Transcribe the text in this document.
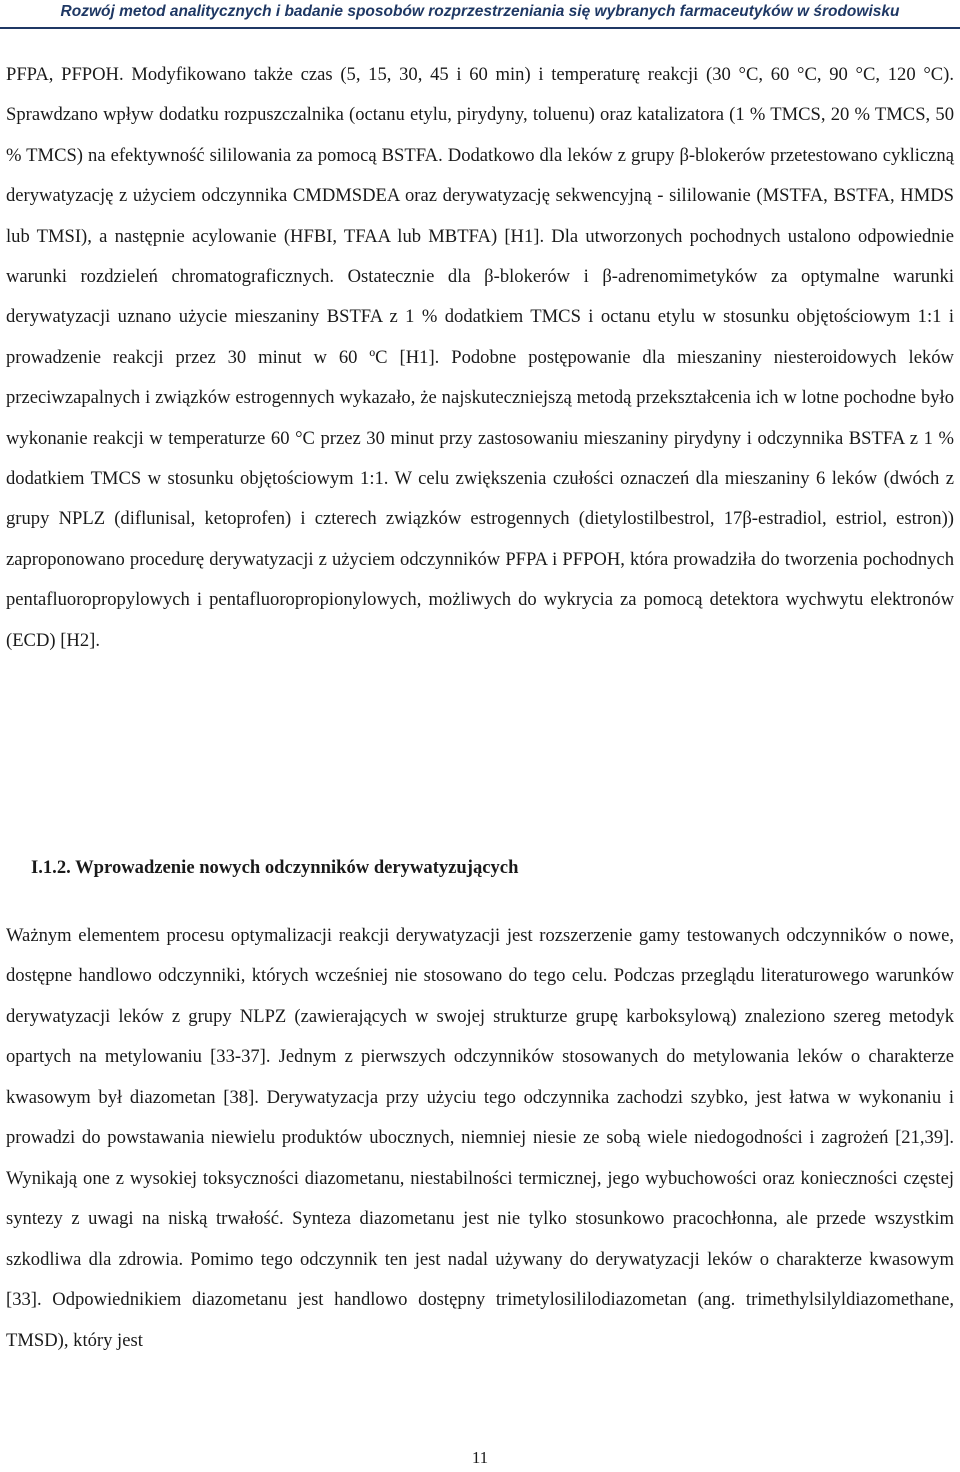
Rozwój metod analitycznych i badanie sposobów rozprzestrzeniania się wybranych farmaceutyków w środowisku

PFPA, PFPOH. Modyfikowano także czas (5, 15, 30, 45 i 60 min) i temperaturę reakcji (30 °C, 60 °C, 90 °C, 120 °C). Sprawdzano wpływ dodatku rozpuszczalnika (octanu etylu, pirydyny, toluenu) oraz katalizatora (1 % TMCS, 20 % TMCS, 50 % TMCS) na efektywność sililowania za pomocą BSTFA. Dodatkowo dla leków z grupy β-blokerów przetestowano cykliczną derywatyzację z użyciem odczynnika CMDMSDEA oraz derywatyzację sekwencyjną - sililowanie (MSTFA, BSTFA, HMDS lub TMSI), a następnie acylowanie (HFBI, TFAA lub MBTFA) [H1]. Dla utworzonych pochodnych ustalono odpowiednie warunki rozdzieleń chromatograficznych. Ostatecznie dla β-blokerów i β-adrenomimetyków za optymalne warunki derywatyzacji uznano użycie mieszaniny BSTFA z 1 % dodatkiem TMCS i octanu etylu w stosunku objętościowym 1:1 i prowadzenie reakcji przez 30 minut w 60 ºC [H1]. Podobne postępowanie dla mieszaniny niesteroidowych leków przeciwzapalnych i związków estrogennych wykazało, że najskuteczniejszą metodą przekształcenia ich w lotne pochodne było wykonanie reakcji w temperaturze 60 °C przez 30 minut przy zastosowaniu mieszaniny pirydyny i odczynnika BSTFA z 1 % dodatkiem TMCS w stosunku objętościowym 1:1. W celu zwiększenia czułości oznaczeń dla mieszaniny 6 leków (dwóch z grupy NPLZ (diflunisal, ketoprofen) i czterech związków estrogennych (dietylostilbestrol, 17β-estradiol, estriol, estron)) zaproponowano procedurę derywatyzacji z użyciem odczynników PFPA i PFPOH, która prowadziła do tworzenia pochodnych pentafluoropropylowych i pentafluoropropionylowych, możliwych do wykrycia za pomocą detektora wychwytu elektronów (ECD) [H2].

I.1.2. Wprowadzenie nowych odczynników derywatyzujących

Ważnym elementem procesu optymalizacji reakcji derywatyzacji jest rozszerzenie gamy testowanych odczynników o nowe, dostępne handlowo odczynniki, których wcześniej nie stosowano do tego celu. Podczas przeglądu literaturowego warunków derywatyzacji leków z grupy NLPZ (zawierających w swojej strukturze grupę karboksylową) znaleziono szereg metodyk opartych na metylowaniu [33-37]. Jednym z pierwszych odczynników stosowanych do metylowania leków o charakterze kwasowym był diazometan [38]. Derywatyzacja przy użyciu tego odczynnika zachodzi szybko, jest łatwa w wykonaniu i prowadzi do powstawania niewielu produktów ubocznych, niemniej niesie ze sobą wiele niedogodności i zagrożeń [21,39]. Wynikają one z wysokiej toksyczności diazometanu, niestabilności termicznej, jego wybuchowości oraz konieczności częstej syntezy z uwagi na niską trwałość. Synteza diazometanu jest nie tylko stosunkowo pracochłonna, ale przede wszystkim szkodliwa dla zdrowia. Pomimo tego odczynnik ten jest nadal używany do derywatyzacji leków o charakterze kwasowym [33]. Odpowiednikiem diazometanu jest handlowo dostępny trimetylosililodiazometan (ang. trimethylsilyldiazomethane, TMSD), który jest

11
